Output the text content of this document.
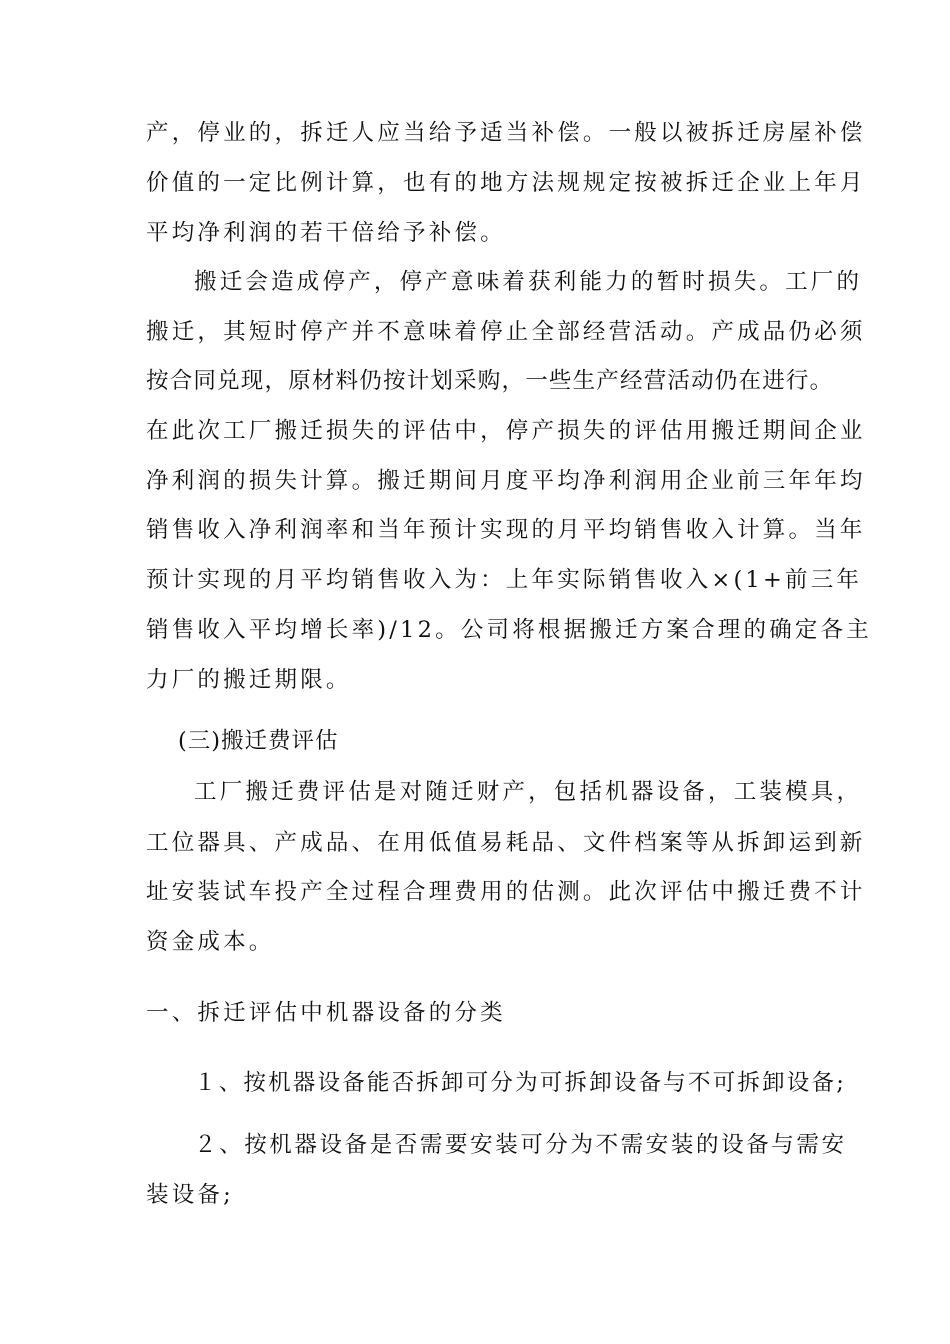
产，停业的，拆迁人应当给予适当补偿。一般以被拆迁房屋补偿
价值的一定比例计算，也有的地方法规规定按被拆迁企业上年月
平均净利润的若干倍给予补偿。
搬迁会造成停产，停产意味着获利能力的暂时损失。工厂的
搬迁，其短时停产并不意味着停止全部经营活动。产成品仍必须
按合同兑现，原材料仍按计划采购，一些生产经营活动仍在进行。
在此次工厂搬迁损失的评估中，停产损失的评估用搬迁期间企业
净利润的损失计算。搬迁期间月度平均净利润用企业前三年年均
销售收入净利润率和当年预计实现的月平均销售收入计算。当年
预计实现的月平均销售收入为：上年实际销售收入×(1+前三年
销售收入平均增长率)/12。公司将根据搬迁方案合理的确定各主
力厂的搬迁期限。
(三)搬迁费评估
工厂搬迁费评估是对随迁财产，包括机器设备，工装模具，
工位器具、产成品、在用低值易耗品、文件档案等从拆卸运到新
址安装试车投产全过程合理费用的估测。此次评估中搬迁费不计
资金成本。
一、拆迁评估中机器设备的分类
１、按机器设备能否拆卸可分为可拆卸设备与不可拆卸设备;
２、按机器设备是否需要安装可分为不需安装的设备与需安
装设备;
